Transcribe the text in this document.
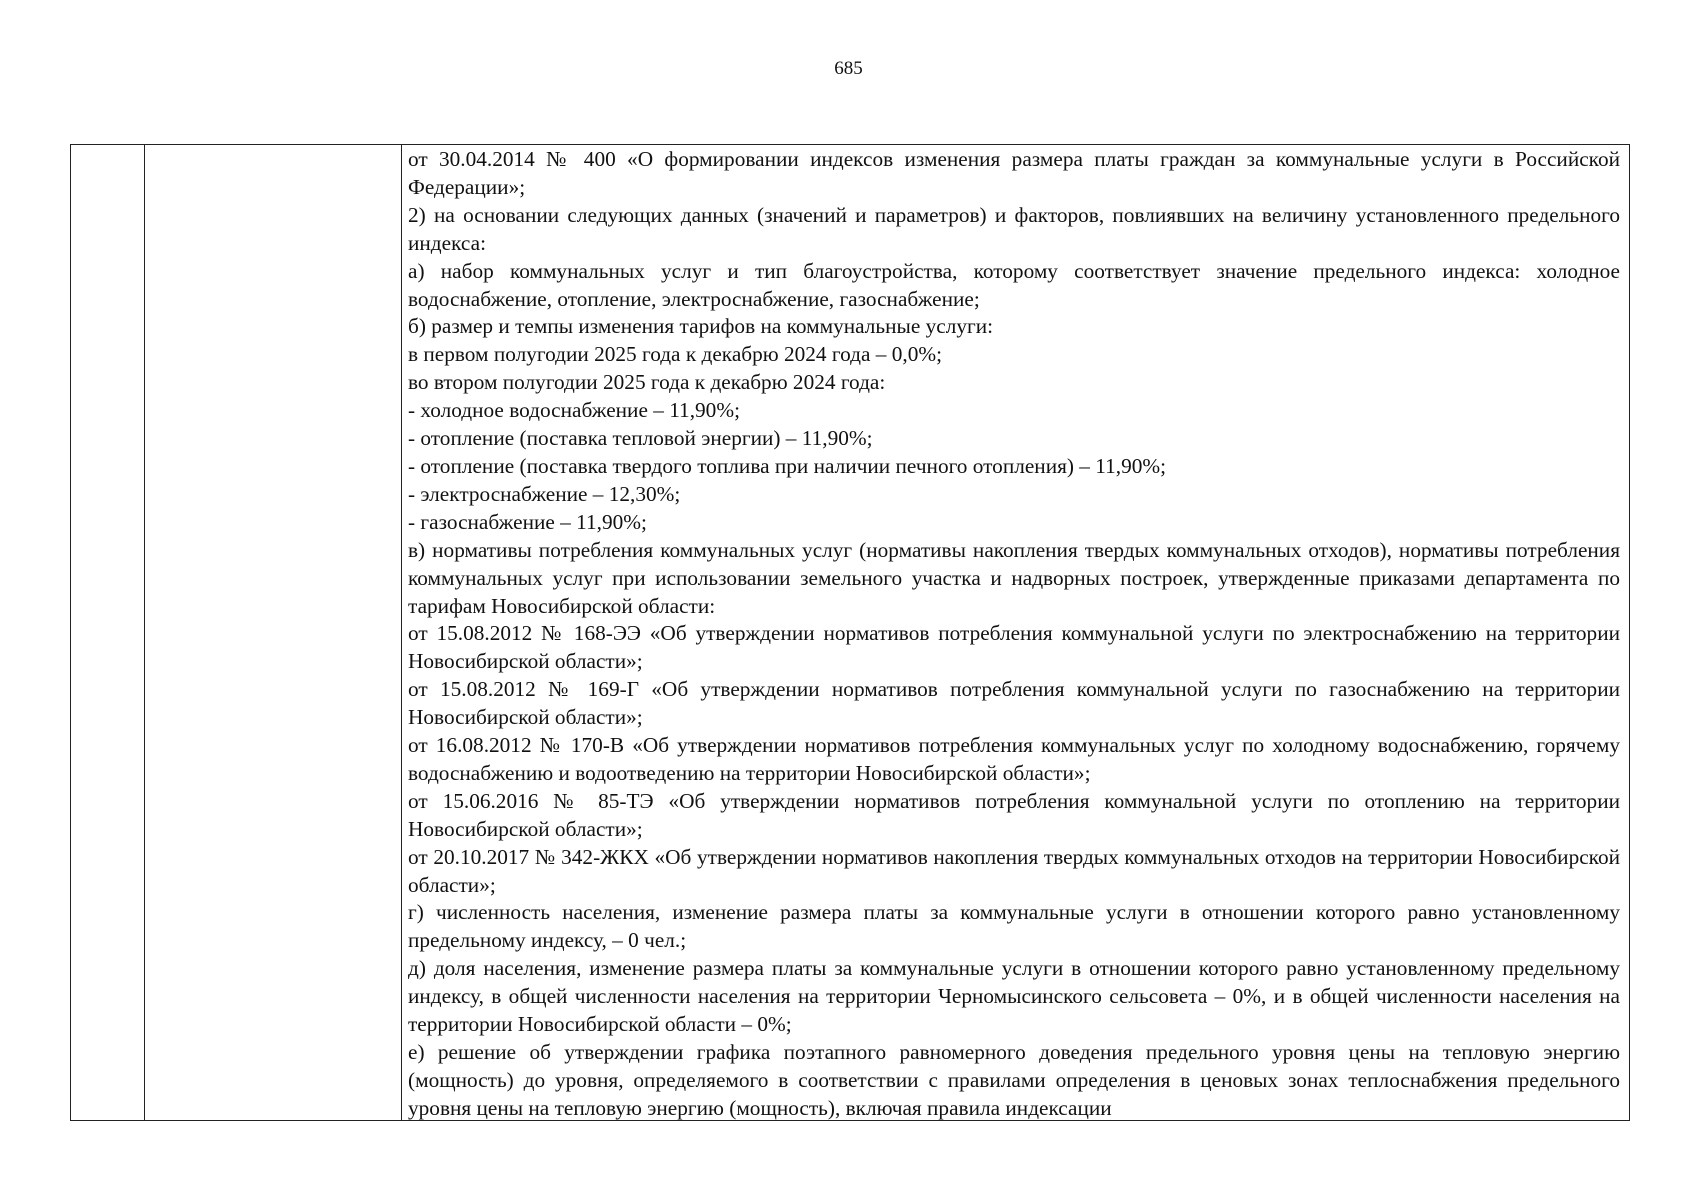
685

от 30.04.2014 № 400 «О формировании индексов изменения размера платы граждан за коммунальные услуги в Российской Федерации»;

2) на основании следующих данных (значений и параметров) и факторов, повлиявших на величину установленного предельного индекса:

а) набор коммунальных услуг и тип благоустройства, которому соответствует значение предельного индекса: холодное водоснабжение, отопление, электроснабжение, газоснабжение;

б) размер и темпы изменения тарифов на коммунальные услуги:

в первом полугодии 2025 года к декабрю 2024 года – 0,0%;

во втором полугодии 2025 года к декабрю 2024 года:

- холодное водоснабжение – 11,90%;

- отопление (поставка тепловой энергии) – 11,90%;

- отопление (поставка твердого топлива при наличии печного отопления) – 11,90%;

- электроснабжение – 12,30%;

- газоснабжение – 11,90%;

в) нормативы потребления коммунальных услуг (нормативы накопления твердых коммунальных отходов), нормативы потребления коммунальных услуг при использовании земельного участка и надворных построек, утвержденные приказами департамента по тарифам Новосибирской области:

от 15.08.2012 № 168-ЭЭ «Об утверждении нормативов потребления коммунальной услуги по электроснабжению на территории Новосибирской области»;

от 15.08.2012 № 169-Г «Об утверждении нормативов потребления коммунальной услуги по газоснабжению на территории Новосибирской области»;

от 16.08.2012 № 170-В «Об утверждении нормативов потребления коммунальных услуг по холодному водоснабжению, горячему водоснабжению и водоотведению на территории Новосибирской области»;

от 15.06.2016 № 85-ТЭ «Об утверждении нормативов потребления коммунальной услуги по отоплению на территории Новосибирской области»;

от 20.10.2017 № 342-ЖКХ «Об утверждении нормативов накопления твердых коммунальных отходов на территории Новосибирской области»;

г) численность населения, изменение размера платы за коммунальные услуги в отношении которого равно установленному предельному индексу, – 0 чел.;

д) доля населения, изменение размера платы за коммунальные услуги в отношении которого равно установленному предельному индексу, в общей численности населения на территории Черномысинского сельсовета – 0%, и в общей численности населения на территории Новосибирской области – 0%;

е) решение об утверждении графика поэтапного равномерного доведения предельного уровня цены на тепловую энергию (мощность) до уровня, определяемого в соответствии с правилами определения в ценовых зонах теплоснабжения предельного уровня цены на тепловую энергию (мощность), включая правила индексации
